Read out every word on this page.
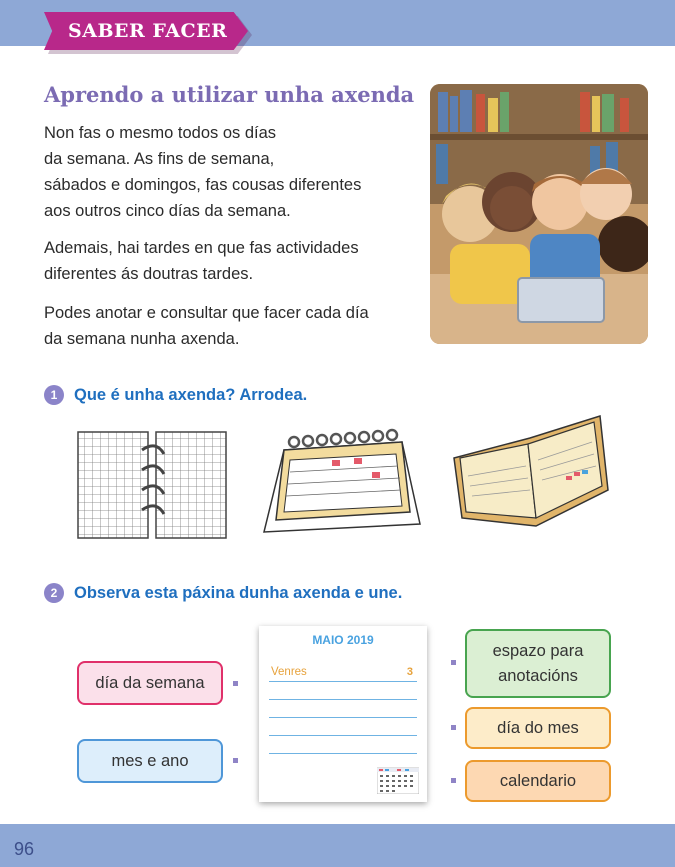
SABER FACER
Aprendo a utilizar unha axenda
Non fas o mesmo todos os días
da semana. As fins de semana,
sábados e domingos, fas cousas diferentes
aos outros cinco días da semana.
Ademais, hai tardes en que fas actividades
diferentes ás doutras tardes.
Podes anotar e consultar que facer cada día
da semana nunha axenda.
1 Que é unha axenda? Arrodea.
2 Observa esta páxina dunha axenda e une.
día da semana
mes e ano
MAIO 2019
Venres	3
espazo para
anotacións
día do mes
calendario
96
